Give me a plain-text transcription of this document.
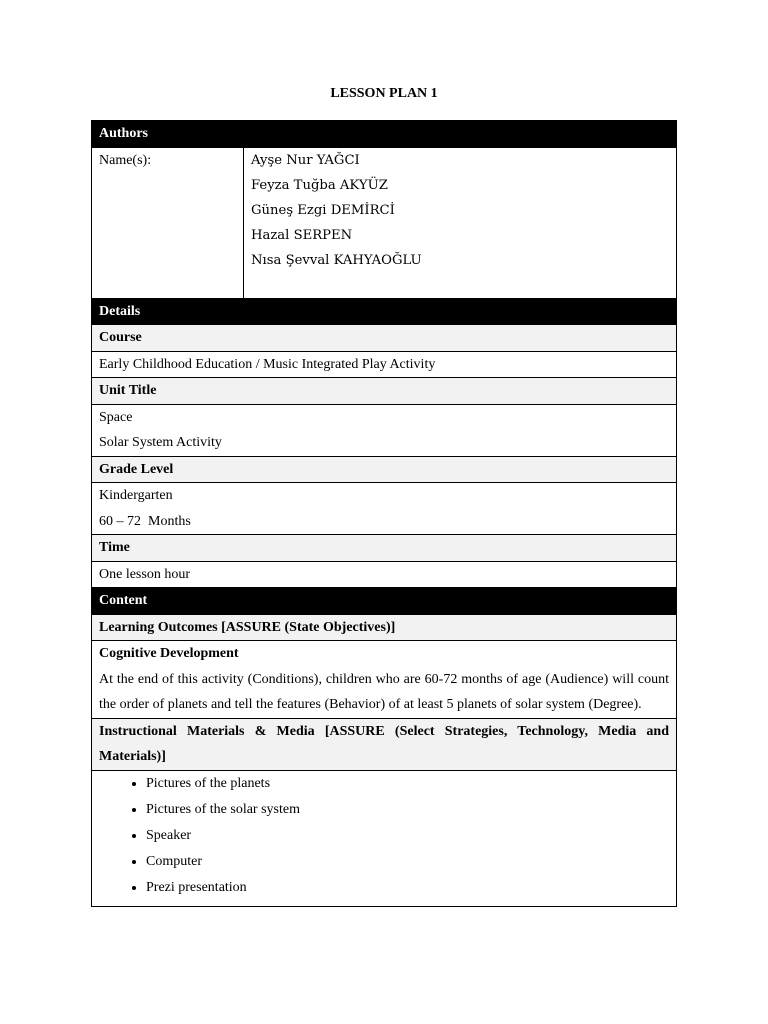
LESSON PLAN 1
Authors
Name(s):	Ayşe Nur YAĞCI
Feyza Tuğba AKYÜZ
Güneş Ezgi DEMİRCİ
Hazal SERPEN
Nısa Şevval KAHYAOĞLU
Details
Course
Early Childhood Education / Music Integrated Play Activity
Unit Title

Space

Solar System Activity

Grade Level

Kindergarten

60 – 72  Months

Time
One lesson hour
Content
Learning Outcomes [ASSURE (State Objectives)]

Cognitive Development

At the end of this activity (Conditions), children who are 60-72 months of age (Audience) will count the order of planets and tell the features (Behavior) of at least 5 planets of solar system (Degree).

Instructional Materials & Media [ASSURE (Select Strategies, Technology, Media and Materials)]
• Pictures of the planets
• Pictures of the solar system
• Speaker
• Computer
• Prezi presentation
